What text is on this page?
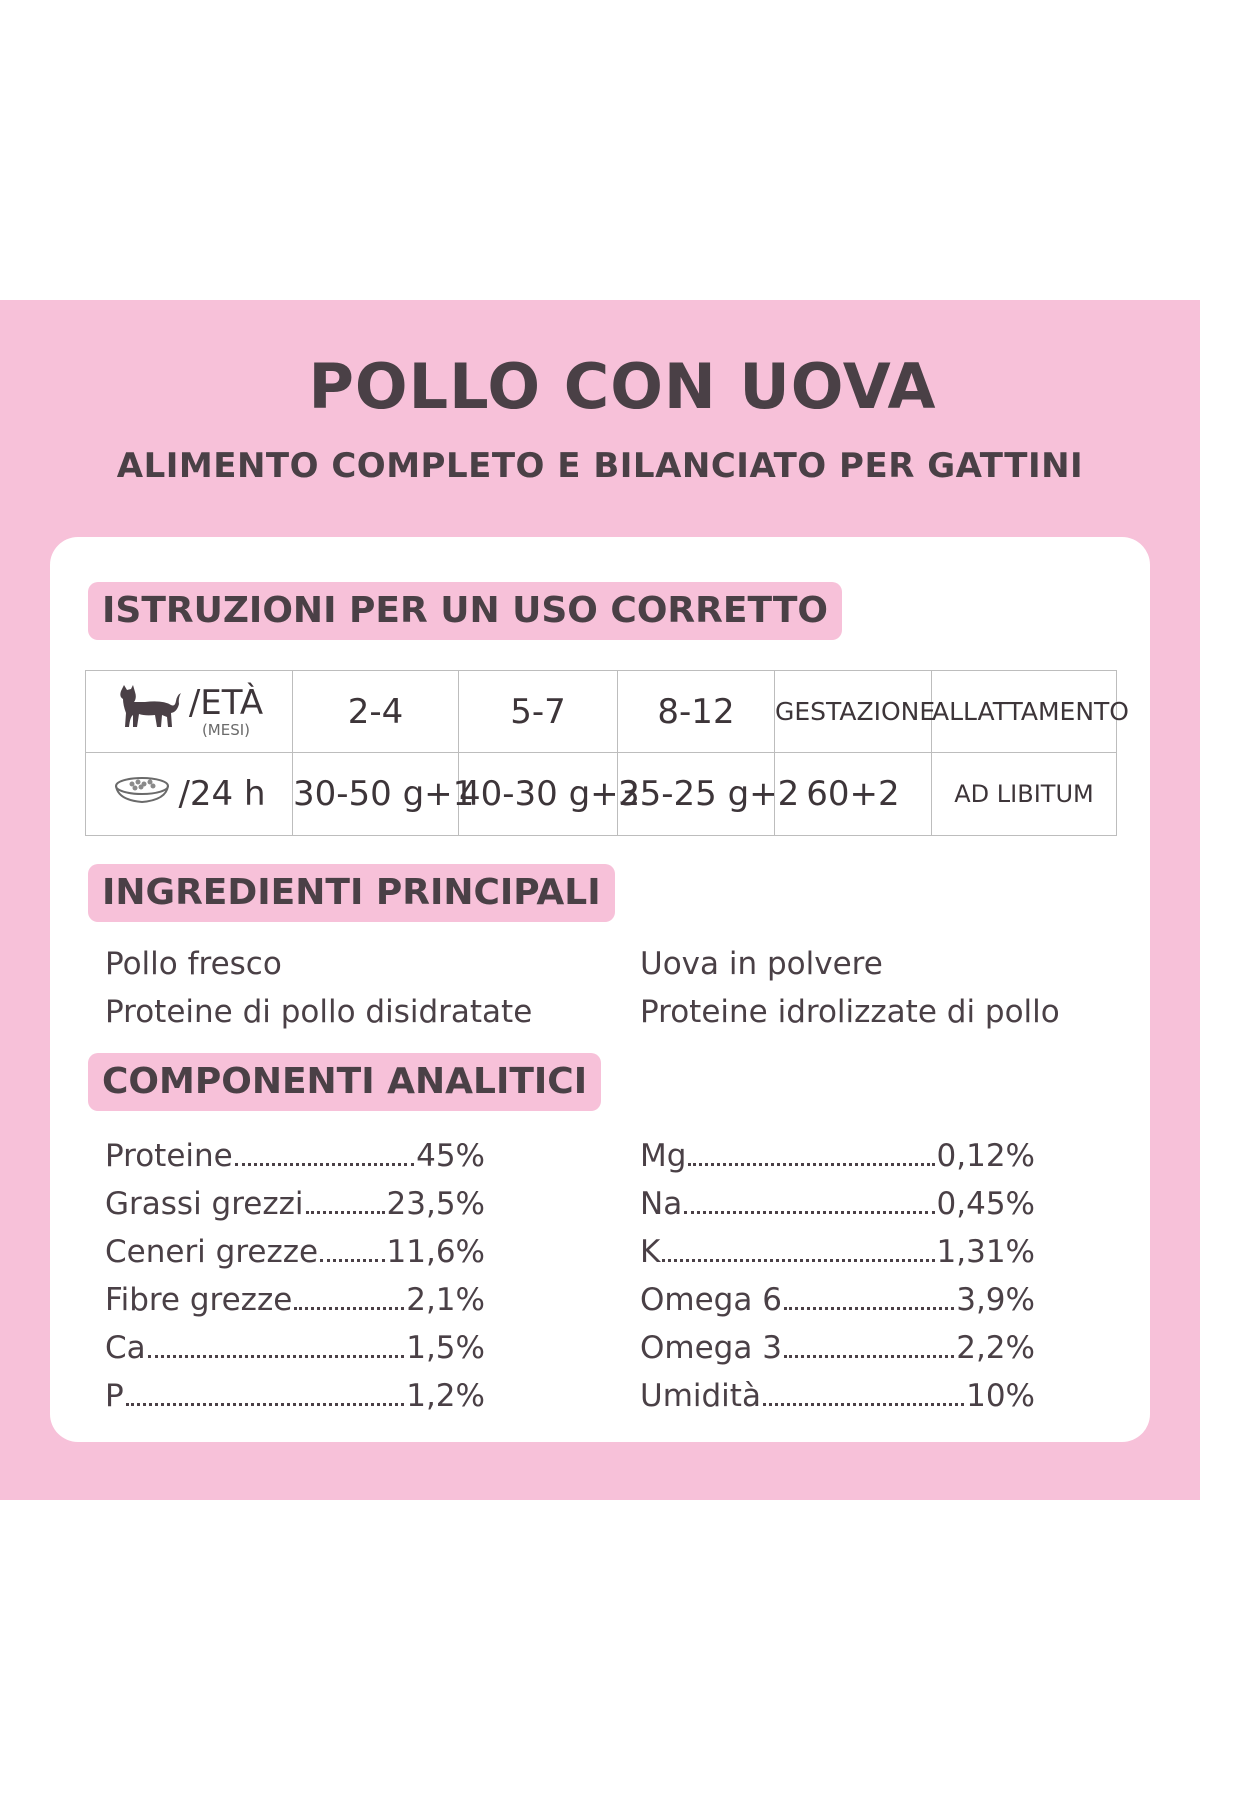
POLLO CON UOVA
ALIMENTO COMPLETO E BILANCIATO PER GATTINI
ISTRUZIONI PER UN USO CORRETTO
/ETÀ
(MESI)	2-4	5-7	8-12	GESTAZIONE	ALLATTAMENTO

/24 h	30-50 g+1	40-30 g+2	35-25 g+2	60+2	AD LIBITUM
INGREDIENTI PRINCIPALI
Pollo fresco
Proteine di pollo disidratate
Uova in polvere
Proteine idrolizzate di pollo
COMPONENTI ANALITICI
Proteine	45%
Grassi grezzi	23,5%
Ceneri grezze 11,6%
Fibre grezze	2,1%
Ca	1,5%
P	1,2%
Mg	0,12%
Na	0,45%
K	1,31%
Omega 6	3,9%
Omega 3	2,2%
Umidità	10%
